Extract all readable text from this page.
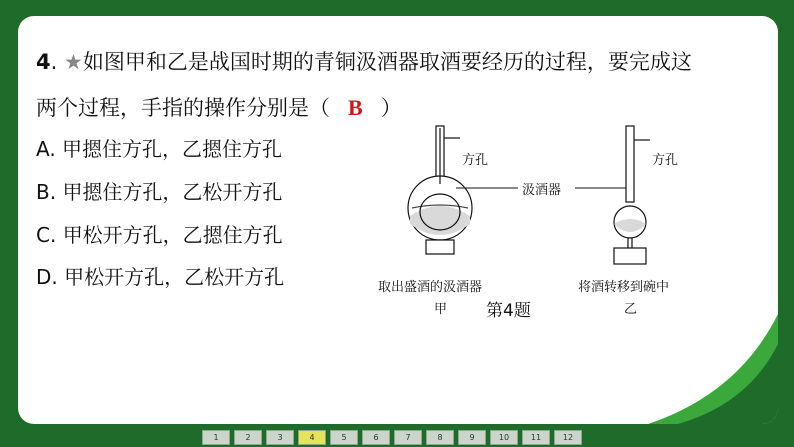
4. ★如图甲和乙是战国时期的青铜汲酒器取酒要经历的过程，要完成这
两个过程，手指的操作分别是（ B ）
A. 甲摁住方孔，乙摁住方孔
B. 甲摁住方孔，乙松开方孔
C. 甲松开方孔，乙摁住方孔
D. 甲松开方孔，乙松开方孔
方孔	方孔
汲酒器
取出盛酒的汲酒器
甲
将酒转移到碗中
乙
第4题
1	2	3	4	5	6	7	8	9	10	11	12
